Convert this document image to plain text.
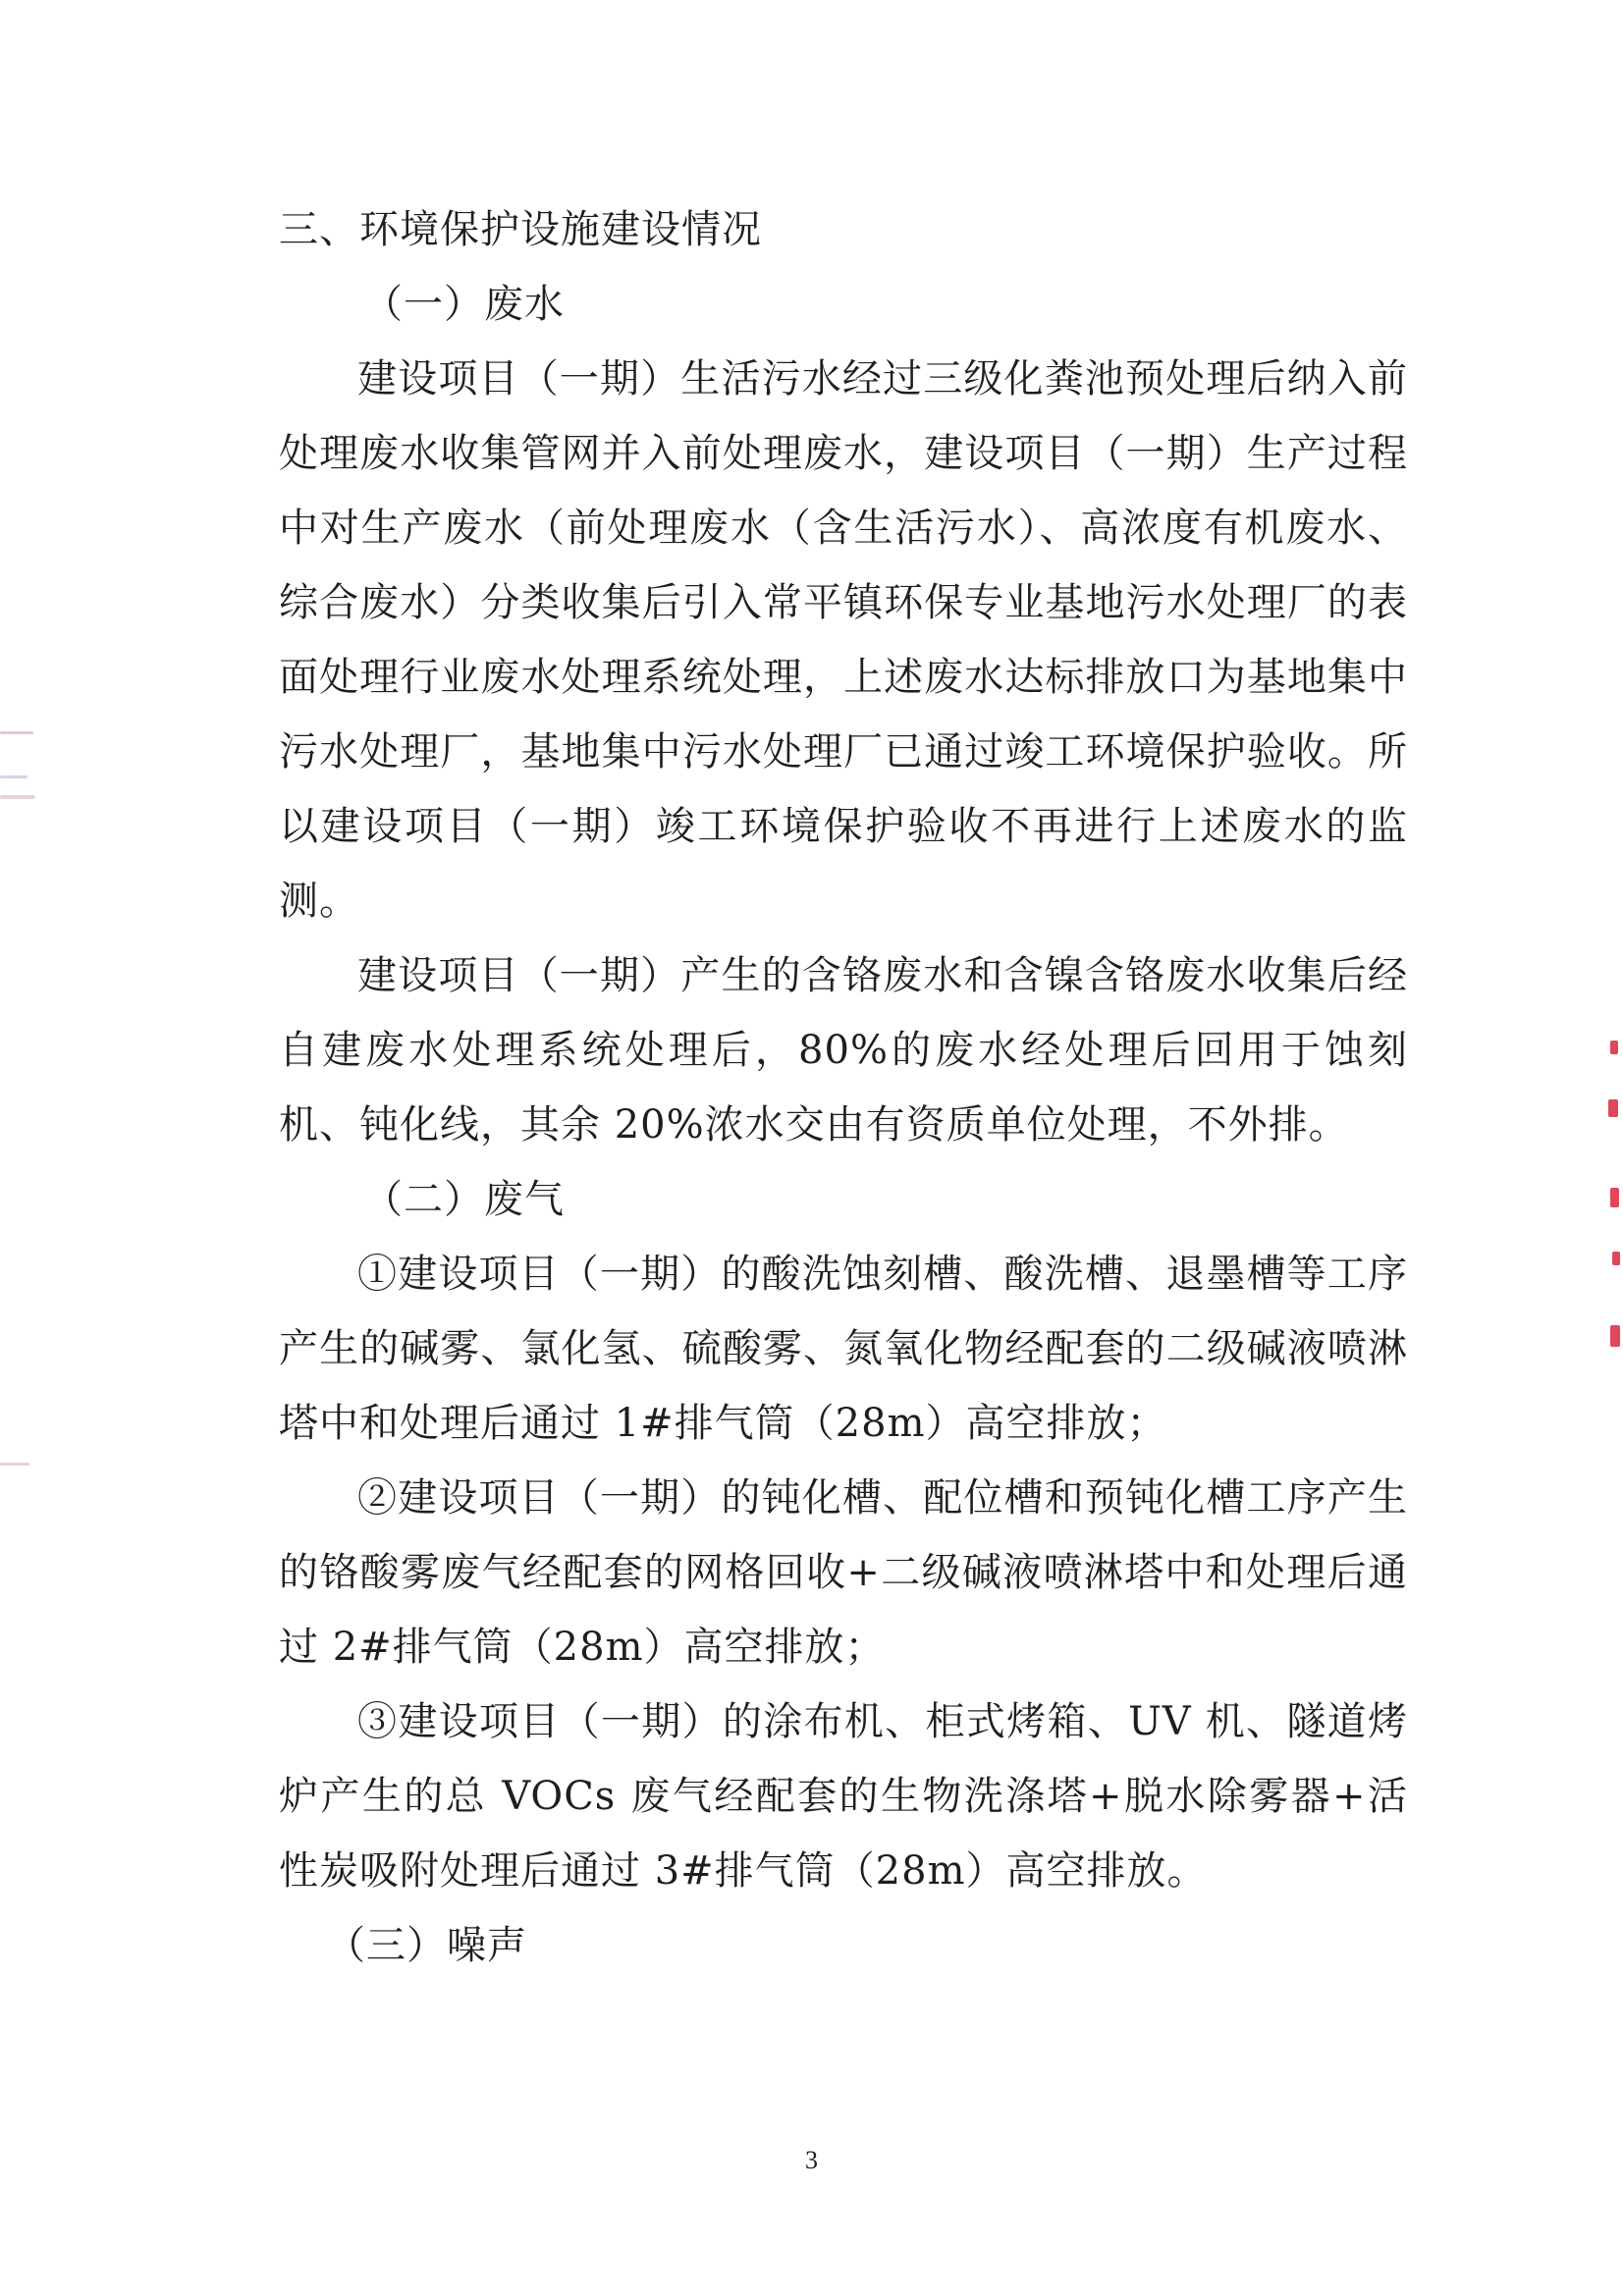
三、环境保护设施建设情况
（一）废水

建设项目（一期）生活污水经过三级化粪池预处理后纳入前处理废水收集管网并入前处理废水，建设项目（一期）生产过程中对生产废水（前处理废水（含生活污水）、高浓度有机废水、综合废水）分类收集后引入常平镇环保专业基地污水处理厂的表面处理行业废水处理系统处理，上述废水达标排放口为基地集中污水处理厂，基地集中污水处理厂已通过竣工环境保护验收。所以建设项目（一期）竣工环境保护验收不再进行上述废水的监测。

建设项目（一期）产生的含铬废水和含镍含铬废水收集后经自建废水处理系统处理后，80%的废水经处理后回用于蚀刻机、钝化线，其余 20%浓水交由有资质单位处理，不外排。

（二）废气

①建设项目（一期）的酸洗蚀刻槽、酸洗槽、退墨槽等工序产生的碱雾、氯化氢、硫酸雾、氮氧化物经配套的二级碱液喷淋塔中和处理后通过 1#排气筒（28m）高空排放；

②建设项目（一期）的钝化槽、配位槽和预钝化槽工序产生的铬酸雾废气经配套的网格回收+二级碱液喷淋塔中和处理后通过 2#排气筒（28m）高空排放；

③建设项目（一期）的涂布机、柜式烤箱、UV 机、隧道烤炉产生的总 VOCs 废气经配套的生物洗涤塔+脱水除雾器+活性炭吸附处理后通过 3#排气筒（28m）高空排放。

（三）噪声
3
